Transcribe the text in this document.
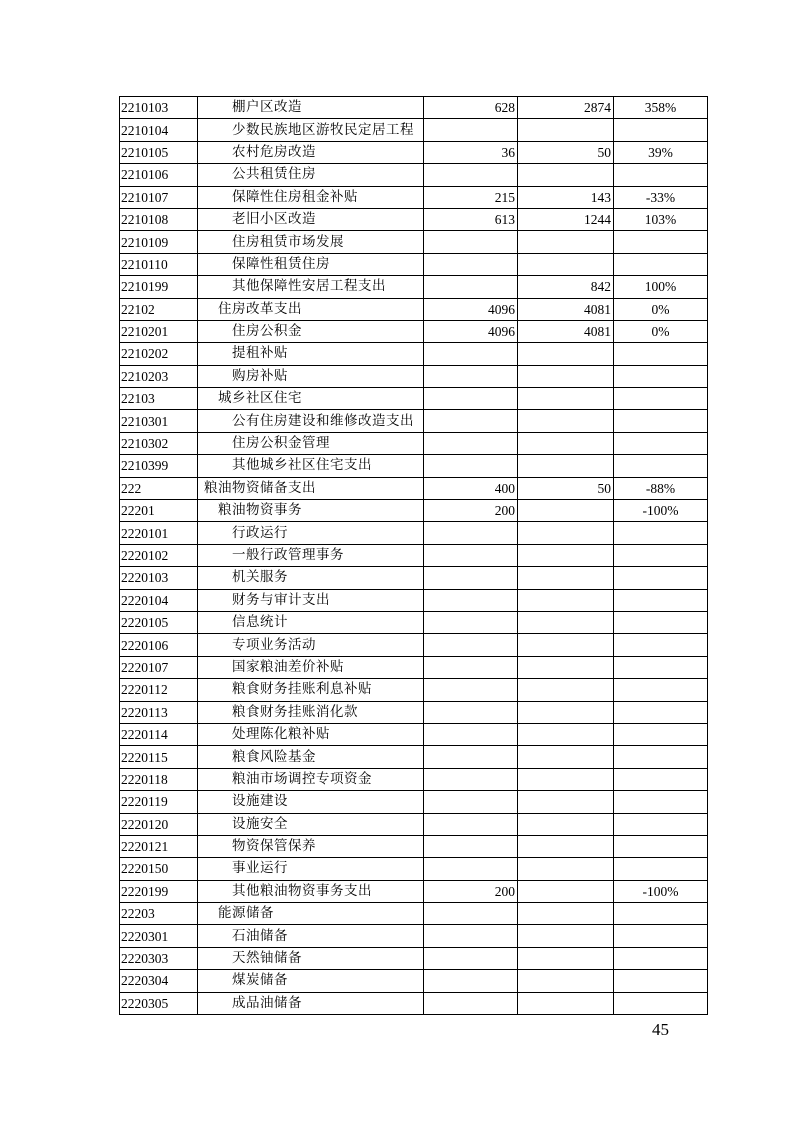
2210103	棚户区改造	628	2874	358%
2210104	少数民族地区游牧民定居工程			
2210105	农村危房改造	36	50	39%
2210106	公共租赁住房			
2210107	保障性住房租金补贴	215	143	-33%
2210108	老旧小区改造	613	1244	103%
2210109	住房租赁市场发展			
2210110	保障性租赁住房			
2210199	其他保障性安居工程支出		842	100%
22102	住房改革支出	4096	4081	0%
2210201	住房公积金	4096	4081	0%
2210202	提租补贴			
2210203	购房补贴			
22103	城乡社区住宅			
2210301	公有住房建设和维修改造支出			
2210302	住房公积金管理			
2210399	其他城乡社区住宅支出			
222	粮油物资储备支出	400	50	-88%
22201	粮油物资事务	200		-100%
2220101	行政运行			
2220102	一般行政管理事务			
2220103	机关服务			
2220104	财务与审计支出			
2220105	信息统计			
2220106	专项业务活动			
2220107	国家粮油差价补贴			
2220112	粮食财务挂账利息补贴			
2220113	粮食财务挂账消化款			
2220114	处理陈化粮补贴			
2220115	粮食风险基金			
2220118	粮油市场调控专项资金			
2220119	设施建设			
2220120	设施安全			
2220121	物资保管保养			
2220150	事业运行			
2220199	其他粮油物资事务支出	200		-100%
22203	能源储备			
2220301	石油储备			
2220303	天然铀储备			
2220304	煤炭储备			
2220305	成品油储备			
45
